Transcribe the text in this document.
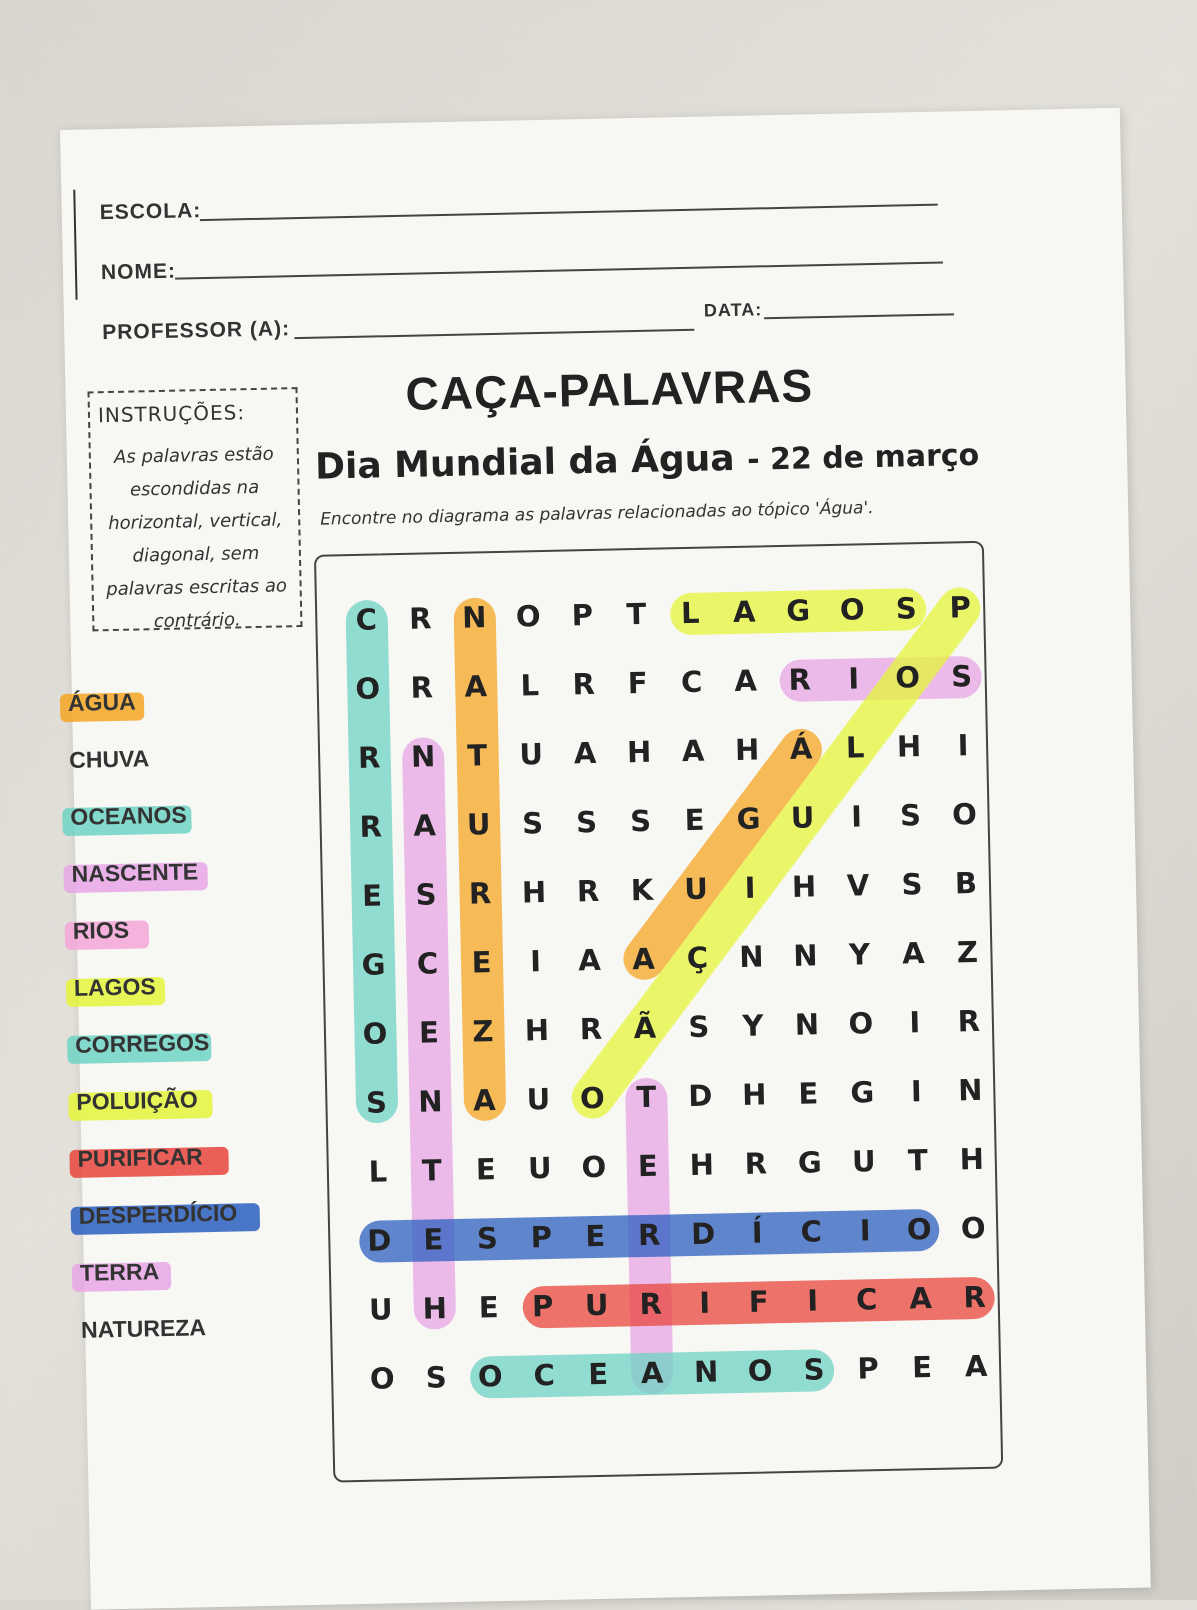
ESCOLA:
NOME:
PROFESSOR (A):
DATA:
INSTRUÇÕES:
As palavras estão escondidas na horizontal, vertical, diagonal, sem palavras escritas ao contrário.
CAÇA-PALAVRAS
Dia Mundial da Água - 22 de março
Encontre no diagrama as palavras relacionadas ao tópico 'Água'.
C	R	N O	P	T	L	A	G	O	S	P
O	R	A	L	R	F	C	A	R	I	O	S
R	N	T	U	A	H	A	H	Á	L	H	I
R	A	U	S	S	S	E	G	U	I	S	O
E	S	R	H	R	K	U	I	H	V	S	B
G	C	E	I	A	A	Ç	N	N	Y	A	Z
O	E	Z	H	R	Ã	S	Y	N O	I	R
S	N	A	U	O	T	D	H	E	G	I	N
L	T	E	U	O	E	H	R	G	U	T	H
D	E	S	P	E	R	D	Í	C	I	O O
U	H	E	P	U	R	I	F	I	C	A	R
O	S	O	C	E	A	N O	S	P	E	A
ÁGUA
CHUVA
OCEANOS
NASCENTE
RIOS
LAGOS
CORREGOS
POLUIÇÃO
PURIFICAR
DESPERDÍCIO
TERRA
NATUREZA
